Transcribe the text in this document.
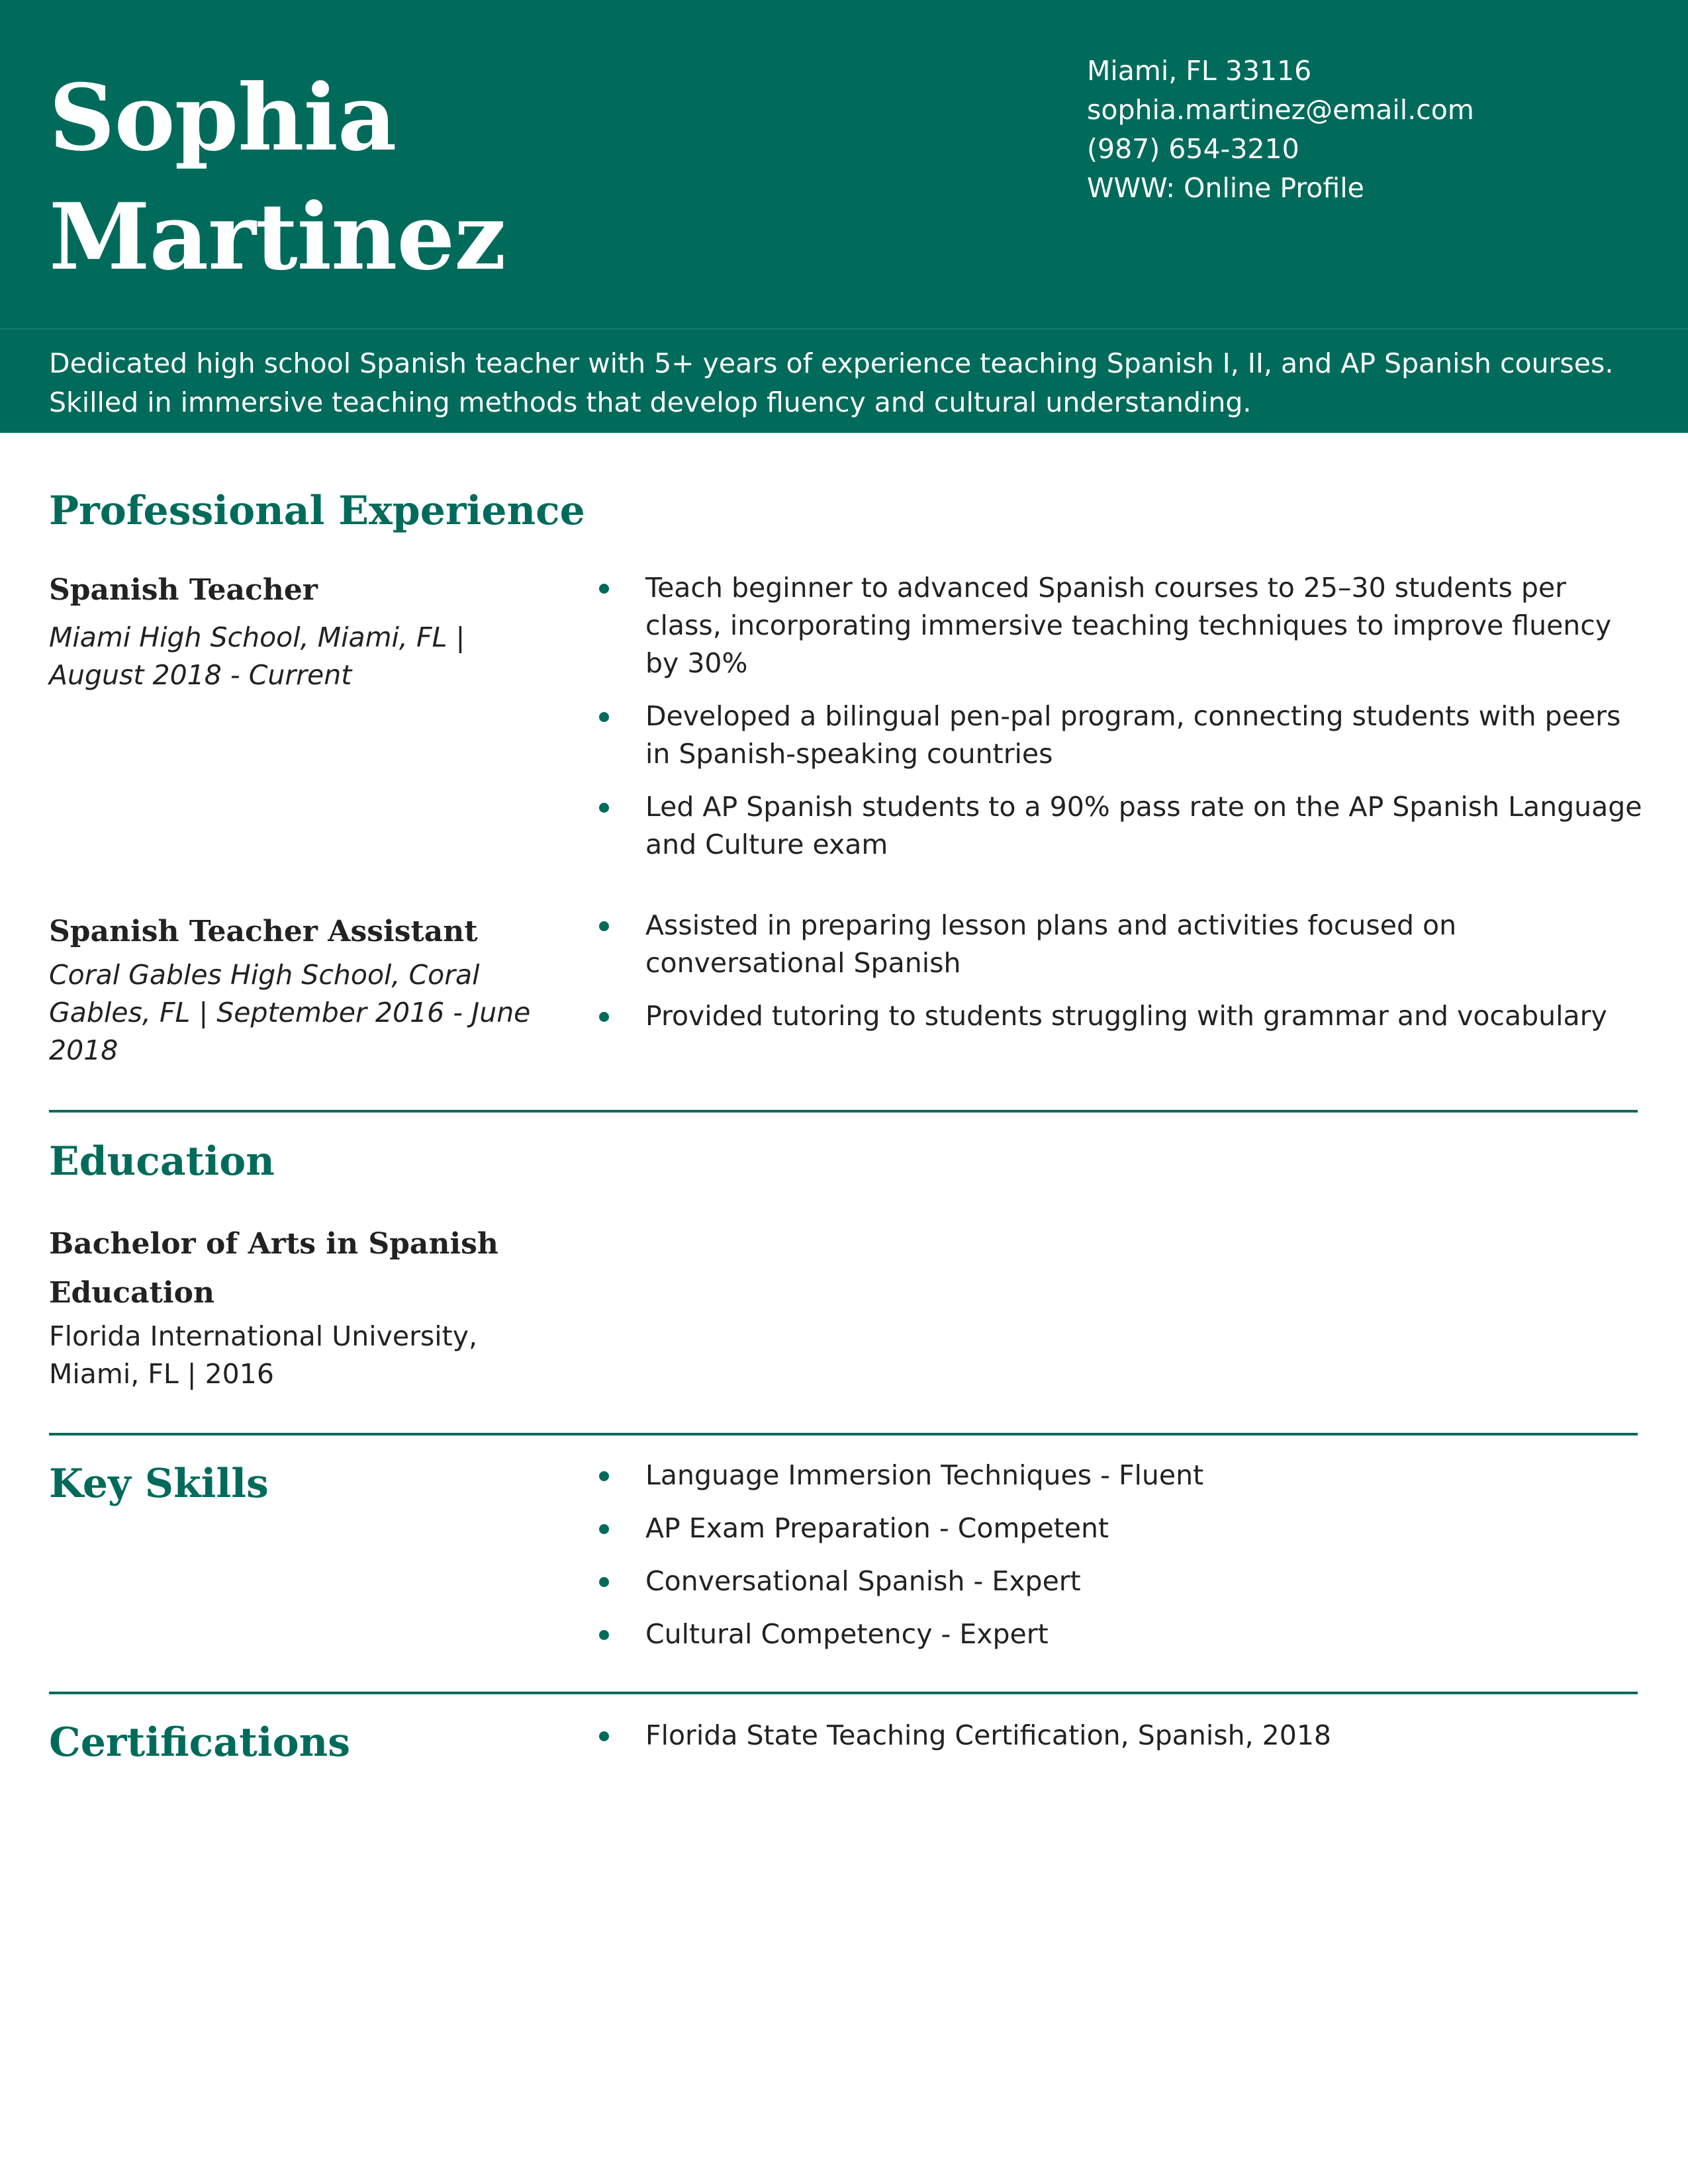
Sophia
Martinez
Miami, FL 33116
sophia.martinez@email.com
(987) 654-3210
WWW: Online Profile

Dedicated high school Spanish teacher with 5+ years of experience teaching Spanish I, II, and AP Spanish courses. Skilled in immersive teaching methods that develop fluency and cultural understanding.

Professional Experience
Spanish Teacher

Miami High School, Miami, FL | August 2018 - Current

Teach beginner to advanced Spanish courses to 25–30 students per class, incorporating immersive teaching techniques to improve fluency by 30%
Developed a bilingual pen-pal program, connecting students with peers in Spanish-speaking countries
Led AP Spanish students to a 90% pass rate on the AP Spanish Language and Culture exam
Spanish Teacher Assistant

Coral Gables High School, Coral Gables, FL | September 2016 - June 2018

Assisted in preparing lesson plans and activities focused on conversational Spanish
Provided tutoring to students struggling with grammar and vocabulary
Education
Bachelor of Arts in Spanish
Education

Florida International University, Miami, FL | 2016

Key Skills	Language Immersion Techniques - Fluent
AP Exam Preparation - Competent
Conversational Spanish - Expert
Cultural Competency - Expert
Certifications	Florida State Teaching Certification, Spanish, 2018
